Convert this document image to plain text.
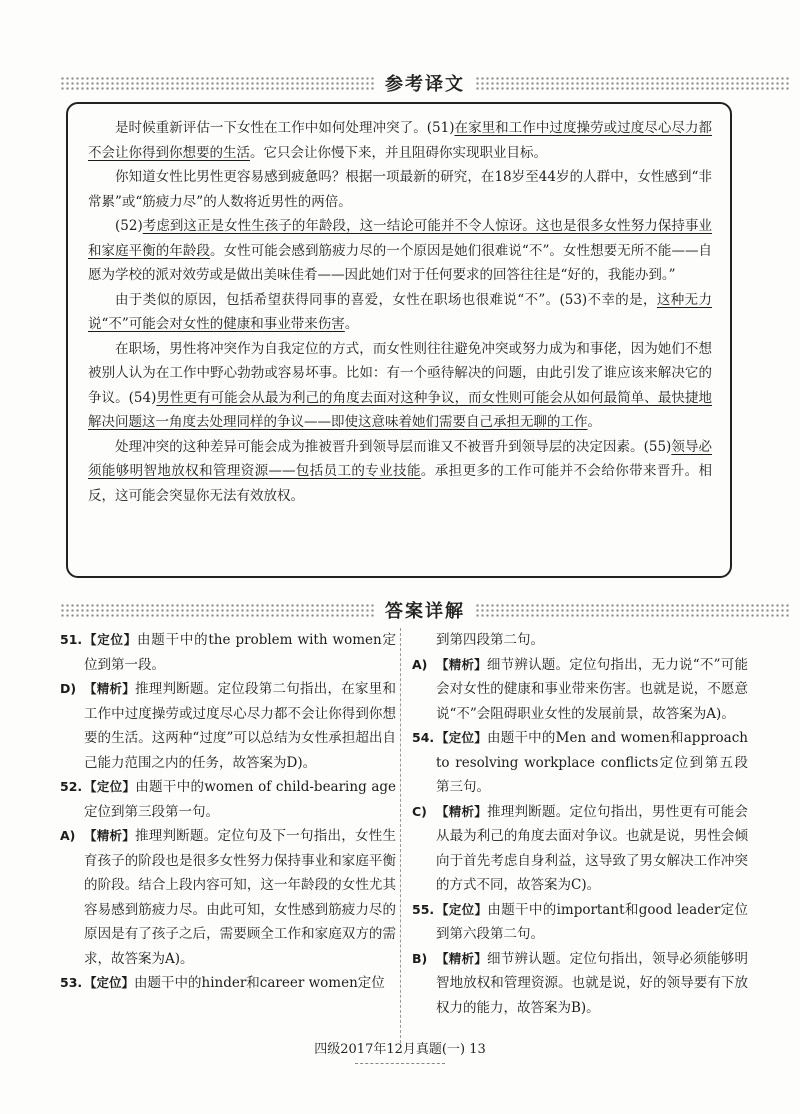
参考译文

是时候重新评估一下女性在工作中如何处理冲突了。(51)在家里和工作中过度操劳或过度尽心尽力都不会让你得到你想要的生活。它只会让你慢下来，并且阻碍你实现职业目标。

你知道女性比男性更容易感到疲惫吗？根据一项最新的研究，在18岁至44岁的人群中，女性感到“非常累”或“筋疲力尽”的人数将近男性的两倍。

(52)考虑到这正是女性生孩子的年龄段，这一结论可能并不令人惊讶。这也是很多女性努力保持事业和家庭平衡的年龄段。女性可能会感到筋疲力尽的一个原因是她们很难说“不”。女性想要无所不能——自愿为学校的派对效劳或是做出美味佳肴——因此她们对于任何要求的回答往往是“好的，我能办到。”

由于类似的原因，包括希望获得同事的喜爱，女性在职场也很难说“不”。(53)不幸的是，这种无力说“不”可能会对女性的健康和事业带来伤害。

在职场，男性将冲突作为自我定位的方式，而女性则往往避免冲突或努力成为和事佬，因为她们不想被别人认为在工作中野心勃勃或容易坏事。比如：有一个亟待解决的问题，由此引发了谁应该来解决它的争议。(54)男性更有可能会从最为利己的角度去面对这种争议，而女性则可能会从如何最简单、最快捷地解决问题这一角度去处理同样的争议——即使这意味着她们需要自己承担无聊的工作。

处理冲突的这种差异可能会成为推被晋升到领导层而谁又不被晋升到领导层的决定因素。(55)领导必须能够明智地放权和管理资源——包括员工的专业技能。承担更多的工作可能并不会给你带来晋升。相反，这可能会突显你无法有效放权。

答案详解
51. 【定位】由题干中的the problem with women定位到第一段。
D) 【精析】推理判断题。定位段第二句指出，在家里和工作中过度操劳或过度尽心尽力都不会让你得到你想要的生活。这两种“过度”可以总结为女性承担超出自己能力范围之内的任务，故答案为D)。
52. 【定位】由题干中的women of child-bearing age定位到第三段第一句。
A) 【精析】推理判断题。定位句及下一句指出，女性生育孩子的阶段也是很多女性努力保持事业和家庭平衡的阶段。结合上段内容可知，这一年龄段的女性尤其容易感到筋疲力尽。由此可知，女性感到筋疲力尽的原因是有了孩子之后，需要顾全工作和家庭双方的需求，故答案为A)。
53. 【定位】由题干中的hinder和career women定位
到第四段第二句。
A) 【精析】细节辨认题。定位句指出，无力说“不”可能会对女性的健康和事业带来伤害。也就是说，不愿意说“不”会阻碍职业女性的发展前景，故答案为A)。
54. 【定位】由题干中的Men and women和approach to resolving workplace conflicts定位到第五段第三句。
C) 【精析】推理判断题。定位句指出，男性更有可能会从最为利己的角度去面对争议。也就是说，男性会倾向于首先考虑自身利益，这导致了男女解决工作冲突的方式不同，故答案为C)。
55. 【定位】由题干中的important和good leader定位到第六段第二句。
B) 【精析】细节辨认题。定位句指出，领导必须能够明智地放权和管理资源。也就是说，好的领导要有下放权力的能力，故答案为B)。
四级2017年12月真题(一) 13
